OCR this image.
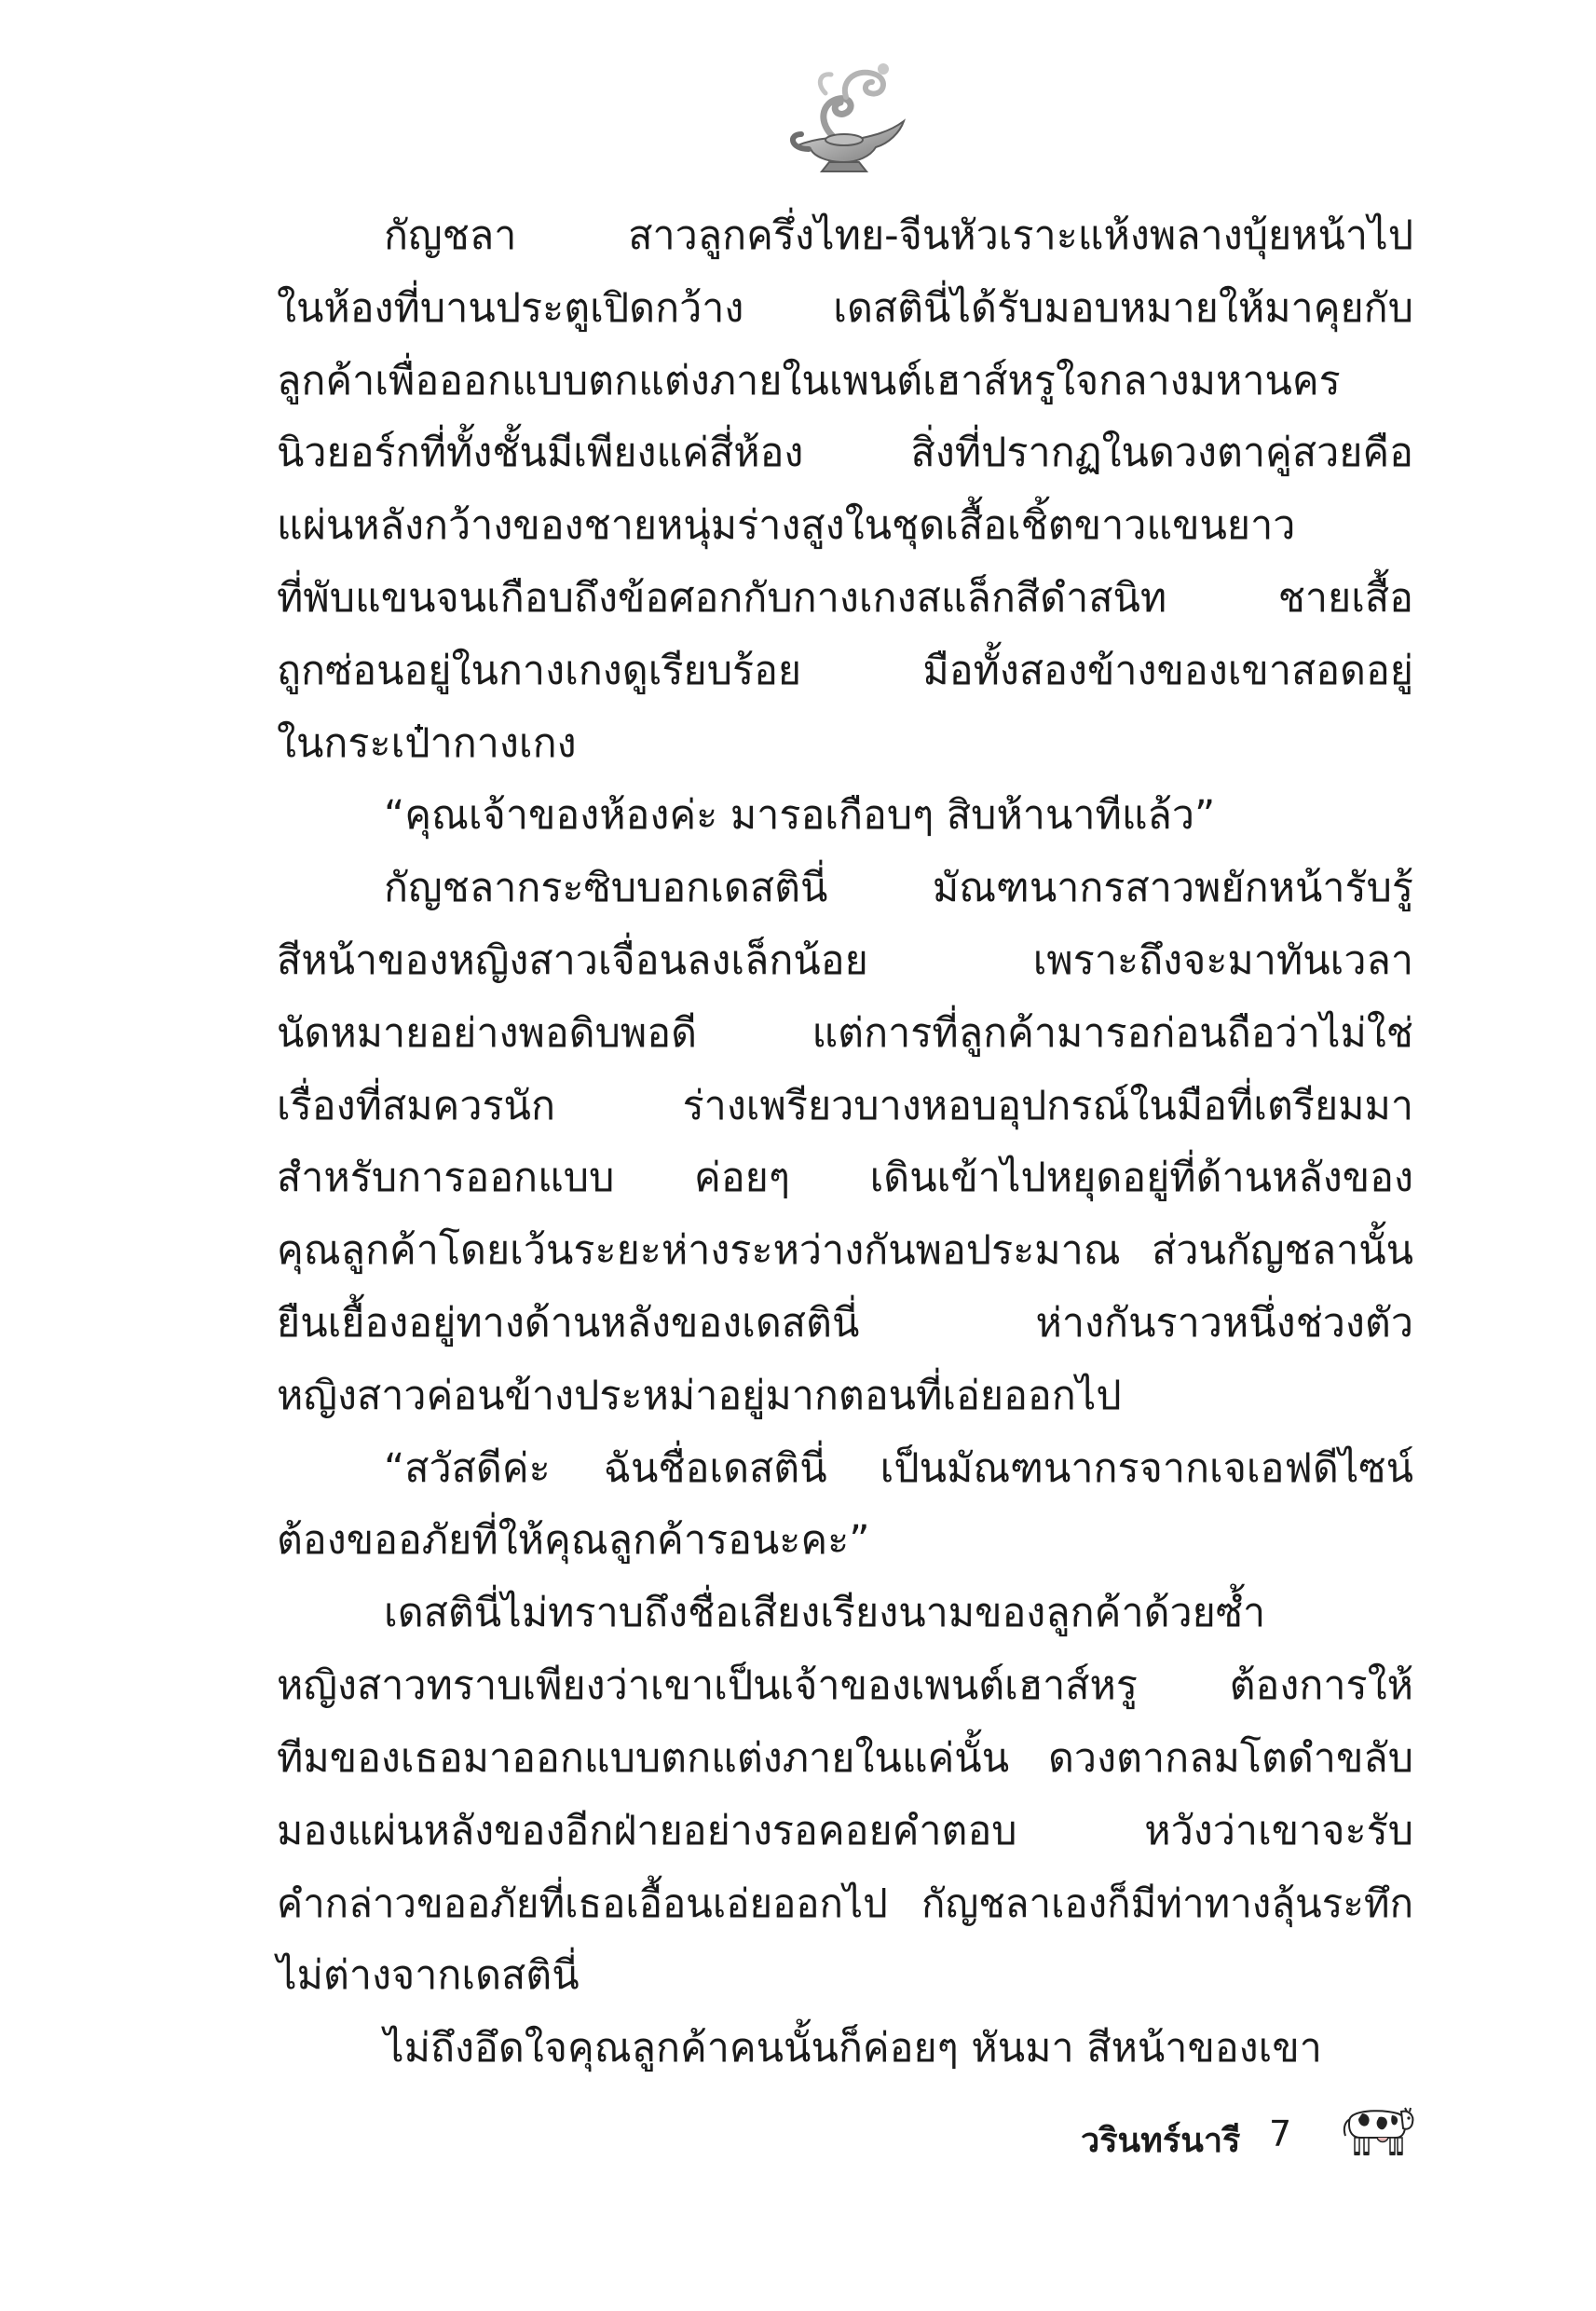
กัญชลา สาวลูกครึ่งไทย-จีนหัวเราะแห้งพลางบุ้ยหน้าไป
ในห้องที่บานประตูเปิดกว้าง เดสตินี่ได้รับมอบหมายให้มาคุยกับ
ลูกค้าเพื่อออกแบบตกแต่งภายในเพนต์เฮาส์หรูใจกลางมหานคร
นิวยอร์กที่ทั้งชั้นมีเพียงแค่สี่ห้อง สิ่งที่ปรากฏในดวงตาคู่สวยคือ
แผ่นหลังกว้างของชายหนุ่มร่างสูงในชุดเสื้อเชิ้ตขาวแขนยาว
ที่พับแขนจนเกือบถึงข้อศอกกับกางเกงสแล็กสีดำสนิท ชายเสื้อ
ถูกซ่อนอยู่ในกางเกงดูเรียบร้อย มือทั้งสองข้างของเขาสอดอยู่
ในกระเป๋ากางเกง
“คุณเจ้าของห้องค่ะ มารอเกือบๆ สิบห้านาทีแล้ว”
กัญชลากระซิบบอกเดสตินี่ มัณฑนากรสาวพยักหน้ารับรู้
สีหน้าของหญิงสาวเจื่อนลงเล็กน้อย เพราะถึงจะมาทันเวลา
นัดหมายอย่างพอดิบพอดี แต่การที่ลูกค้ามารอก่อนถือว่าไม่ใช่
เรื่องที่สมควรนัก ร่างเพรียวบางหอบอุปกรณ์ในมือที่เตรียมมา
สำหรับการออกแบบ ค่อยๆ เดินเข้าไปหยุดอยู่ที่ด้านหลังของ
คุณลูกค้าโดยเว้นระยะห่างระหว่างกันพอประมาณ ส่วนกัญชลานั้น
ยืนเยื้องอยู่ทางด้านหลังของเดสตินี่ ห่างกันราวหนึ่งช่วงตัว
หญิงสาวค่อนข้างประหม่าอยู่มากตอนที่เอ่ยออกไป
“สวัสดีค่ะ ฉันชื่อเดสตินี่ เป็นมัณฑนากรจากเจเอฟดีไซน์
ต้องขออภัยที่ให้คุณลูกค้ารอนะคะ”
เดสตินี่ไม่ทราบถึงชื่อเสียงเรียงนามของลูกค้าด้วยซ้ำ
หญิงสาวทราบเพียงว่าเขาเป็นเจ้าของเพนต์เฮาส์หรู ต้องการให้
ทีมของเธอมาออกแบบตกแต่งภายในแค่นั้น ดวงตากลมโตดำขลับ
มองแผ่นหลังของอีกฝ่ายอย่างรอคอยคำตอบ หวังว่าเขาจะรับ
คำกล่าวขออภัยที่เธอเอื้อนเอ่ยออกไป กัญชลาเองก็มีท่าทางลุ้นระทึก
ไม่ต่างจากเดสตินี่
ไม่ถึงอึดใจคุณลูกค้าคนนั้นก็ค่อยๆ หันมา สีหน้าของเขา
วรินทร์นารี 7
